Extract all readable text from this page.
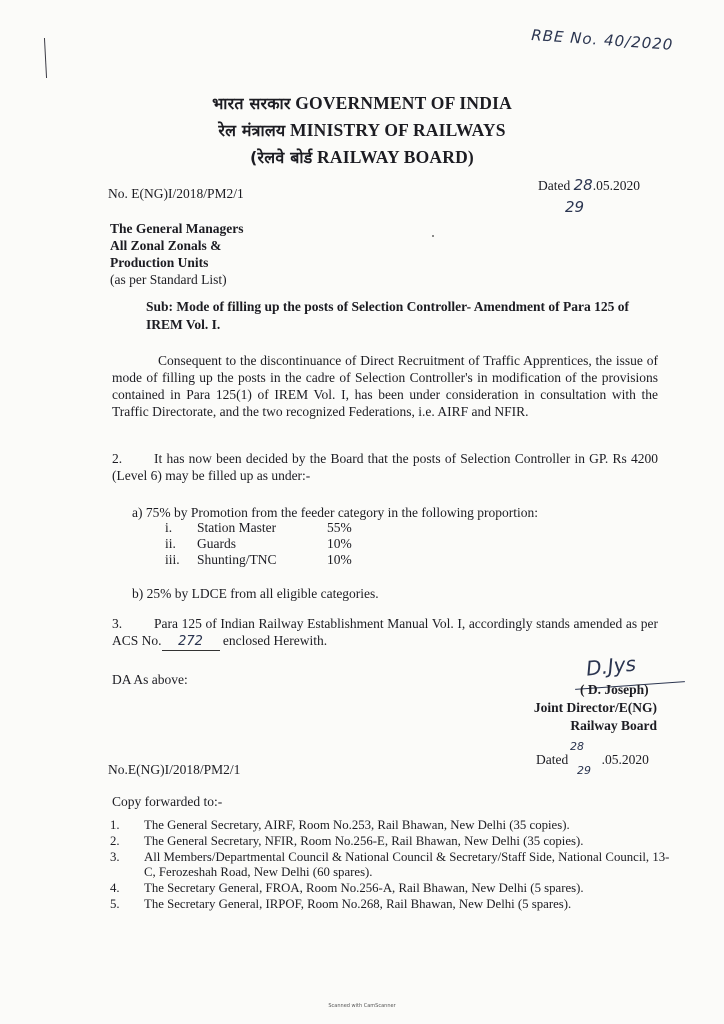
RBE No. 40/2020
भारत सरकार GOVERNMENT OF INDIA
रेल मंत्रालय MINISTRY OF RAILWAYS
(रेलवे बोर्ड RAILWAY BOARD)
No. E(NG)I/2018/PM2/1
Dated 28.05.2020
29
The General Managers
All Zonal Zonals &
Production Units
(as per Standard List)
Sub: Mode of filling up the posts of Selection Controller- Amendment of Para 125 of IREM Vol. I.
Consequent to the discontinuance of Direct Recruitment of Traffic Apprentices, the issue of mode of filling up the posts in the cadre of Selection Controller's in modification of the provisions contained in Para 125(1) of IREM Vol. I, has been under consideration in consultation with the Traffic Directorate, and the two recognized Federations, i.e. AIRF and NFIR.
2. It has now been decided by the Board that the posts of Selection Controller in GP. Rs 4200 (Level 6) may be filled up as under:-
a) 75% by Promotion from the feeder category in the following proportion:
i.	Station Master	55%
ii.	Guards	10%
iii.	Shunting/TNC	10%
b) 25% by LDCE from all eligible categories.
3. Para 125 of Indian Railway Establishment Manual Vol. I, accordingly stands amended as per ACS No. 272 enclosed Herewith.
DA As above:	D.Jys
( D. Joseph)
Joint Director/E(NG)
Railway Board
No.E(NG)I/2018/PM2/1
28
Dated .05.2020
29
Copy forwarded to:-
1.	The General Secretary, AIRF, Room No.253, Rail Bhawan, New Delhi (35 copies).
2.	The General Secretary, NFIR, Room No.256-E, Rail Bhawan, New Delhi (35 copies).
3.	All Members/Departmental Council & National Council & Secretary/Staff Side, National Council, 13-C, Ferozeshah Road, New Delhi (60 spares).
4.	The Secretary General, FROA, Room No.256-A, Rail Bhawan, New Delhi (5 spares).
5.	The Secretary General, IRPOF, Room No.268, Rail Bhawan, New Delhi (5 spares).
Scanned with CamScanner
